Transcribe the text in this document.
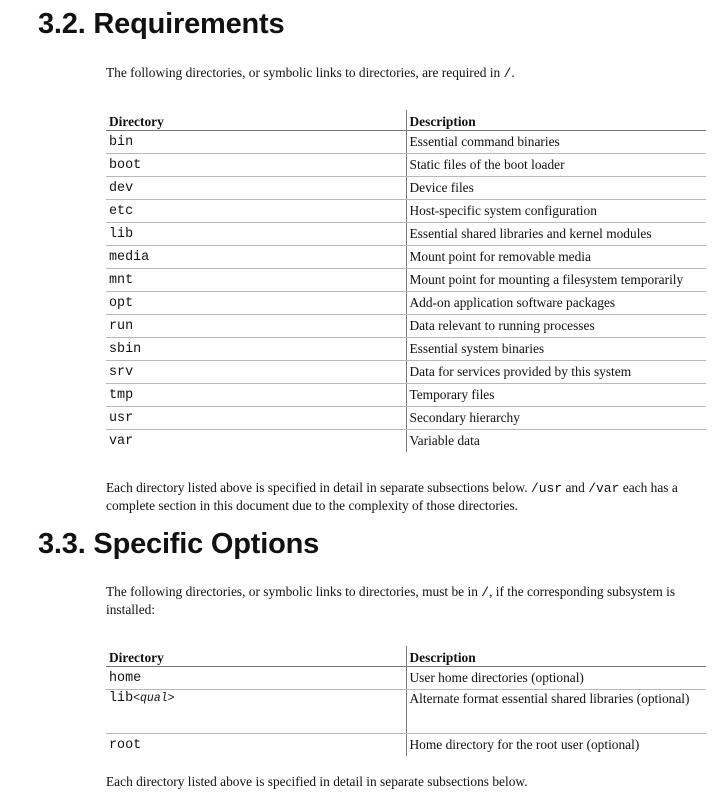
3.2. Requirements

The following directories, or symbolic links to directories, are required in /.

Directory	Description
bin	Essential command binaries
boot	Static files of the boot loader
dev	Device files
etc	Host-specific system configuration
lib	Essential shared libraries and kernel modules
media	Mount point for removable media
mnt	Mount point for mounting a filesystem temporarily
opt	Add-on application software packages
run	Data relevant to running processes
sbin	Essential system binaries
srv	Data for services provided by this system
tmp	Temporary files
usr	Secondary hierarchy
var	Variable data

Each directory listed above is specified in detail in separate subsections below. /usr and /var each has a complete section in this document due to the complexity of those directories.

3.3. Specific Options

The following directories, or symbolic links to directories, must be in /, if the corresponding subsystem is installed:

Directory	Description
home	User home directories (optional)
lib<qual>	Alternate format essential shared libraries (optional)
root	Home directory for the root user (optional)

Each directory listed above is specified in detail in separate subsections below.
